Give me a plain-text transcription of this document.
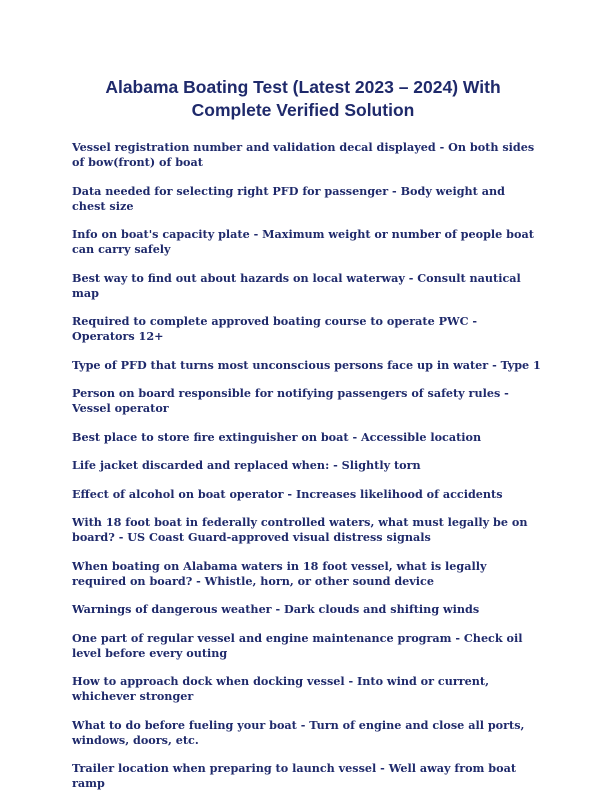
Alabama Boating Test (Latest 2023 – 2024) With
Complete Verified Solution
Vessel registration number and validation decal displayed - On both sides of bow(front) of boat
Data needed for selecting right PFD for passenger - Body weight and chest size
Info on boat's capacity plate - Maximum weight or number of people boat can carry safely
Best way to find out about hazards on local waterway - Consult nautical map
Required to complete approved boating course to operate PWC - Operators 12+
Type of PFD that turns most unconscious persons face up in water - Type 1
Person on board responsible for notifying passengers of safety rules - Vessel operator
Best place to store fire extinguisher on boat - Accessible location
Life jacket discarded and replaced when: - Slightly torn
Effect of alcohol on boat operator - Increases likelihood of accidents
With 18 foot boat in federally controlled waters, what must legally be on board? - US Coast Guard-approved visual distress signals
When boating on Alabama waters in 18 foot vessel, what is legally required on board? - Whistle, horn, or other sound device
Warnings of dangerous weather - Dark clouds and shifting winds
One part of regular vessel and engine maintenance program - Check oil level before every outing
How to approach dock when docking vessel - Into wind or current, whichever stronger
What to do before fueling your boat - Turn of engine and close all ports, windows, doors, etc.
Trailer location when preparing to launch vessel - Well away from boat ramp
